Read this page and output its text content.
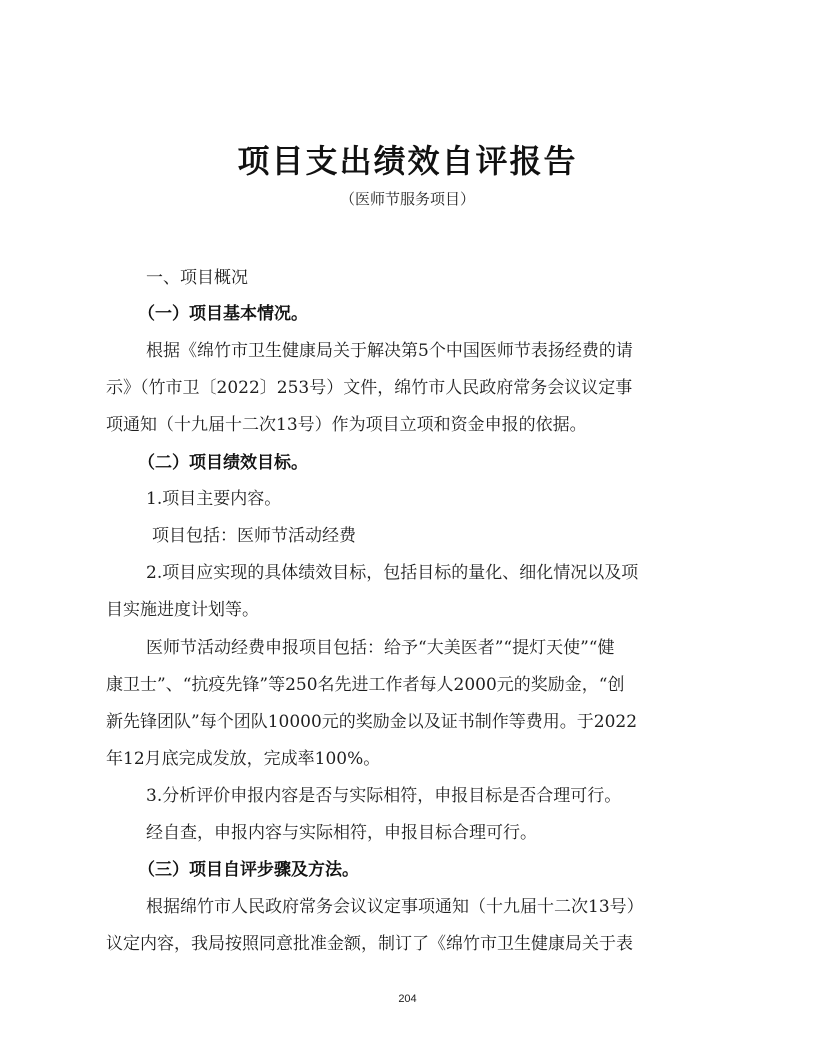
项目支出绩效自评报告
（医师节服务项目）
一、项目概况
（一）项目基本情况。
根据《绵竹市卫生健康局关于解决第5个中国医师节表扬经费的请
示》（竹市卫〔2022〕253号）文件，绵竹市人民政府常务会议议定事
项通知（十九届十二次13号）作为项目立项和资金申报的依据。
（二）项目绩效目标。
1.项目主要内容。
项目包括：医师节活动经费
2.项目应实现的具体绩效目标，包括目标的量化、细化情况以及项
目实施进度计划等。
医师节活动经费申报项目包括：给予“大美医者”“提灯天使”“健
康卫士”、“抗疫先锋”等250名先进工作者每人2000元的奖励金，“创
新先锋团队”每个团队10000元的奖励金以及证书制作等费用。于2022
年12月底完成发放，完成率100%。
3.分析评价申报内容是否与实际相符，申报目标是否合理可行。
经自查，申报内容与实际相符，申报目标合理可行。
（三）项目自评步骤及方法。
根据绵竹市人民政府常务会议议定事项通知（十九届十二次13号）
议定内容，我局按照同意批准金额，制订了《绵竹市卫生健康局关于表
204
